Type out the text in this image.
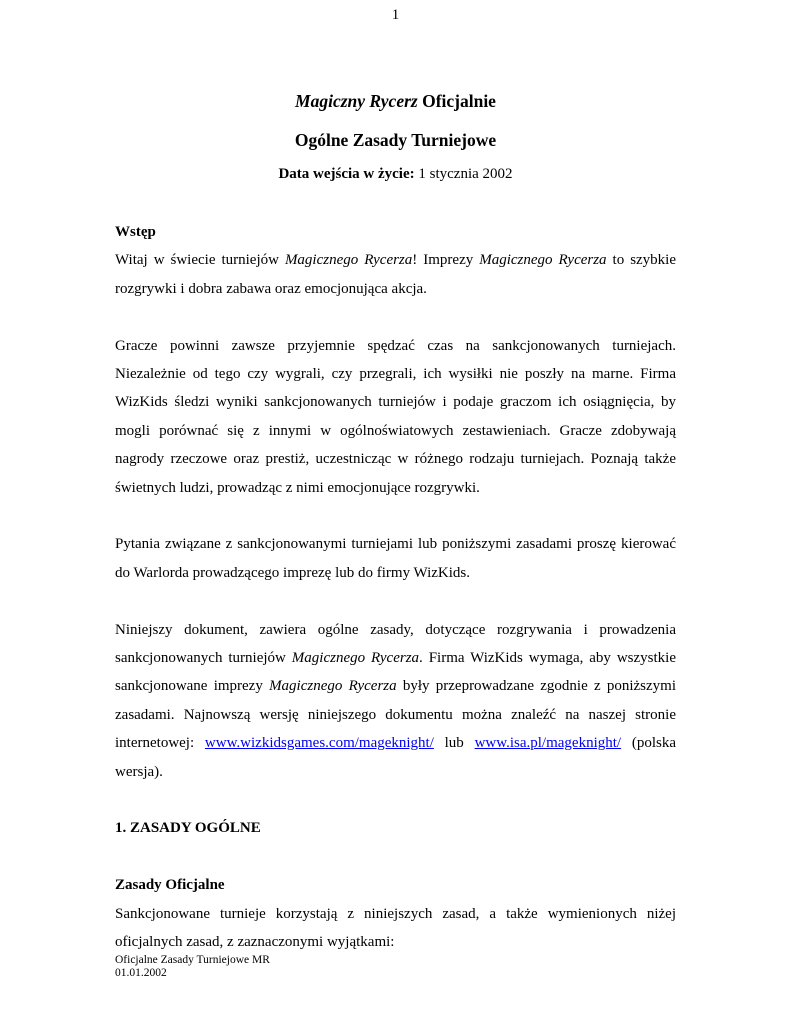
1
Magiczny Rycerz Oficjalnie
Ogólne Zasady Turniejowe
Data wejścia w życie: 1 stycznia 2002

Wstęp

Witaj w świecie turniejów Magicznego Rycerza! Imprezy Magicznego Rycerza to szybkie rozgrywki i dobra zabawa oraz emocjonująca akcja.

Gracze powinni zawsze przyjemnie spędzać czas na sankcjonowanych turniejach. Niezależnie od tego czy wygrali, czy przegrali, ich wysiłki nie poszły na marne. Firma WizKids śledzi wyniki sankcjonowanych turniejów i podaje graczom ich osiągnięcia, by mogli porównać się z innymi w ogólnoświatowych zestawieniach. Gracze zdobywają nagrody rzeczowe oraz prestiż, uczestnicząc w różnego rodzaju turniejach. Poznają także świetnych ludzi, prowadząc z nimi emocjonujące rozgrywki.

Pytania związane z sankcjonowanymi turniejami lub poniższymi zasadami proszę kierować do Warlorda prowadzącego imprezę lub do firmy WizKids.

Niniejszy dokument, zawiera ogólne zasady, dotyczące rozgrywania i prowadzenia sankcjonowanych turniejów Magicznego Rycerza. Firma WizKids wymaga, aby wszystkie sankcjonowane imprezy Magicznego Rycerza były przeprowadzane zgodnie z poniższymi zasadami. Najnowszą wersję niniejszego dokumentu można znaleźć na naszej stronie internetowej: www.wizkidsgames.com/mageknight/ lub www.isa.pl/mageknight/ (polska wersja).

1. ZASADY OGÓLNE

Zasady Oficjalne

Sankcjonowane turnieje korzystają z niniejszych zasad, a także wymienionych niżej oficjalnych zasad, z zaznaczonymi wyjątkami:

Oficjalne Zasady Turniejowe MR
01.01.2002
